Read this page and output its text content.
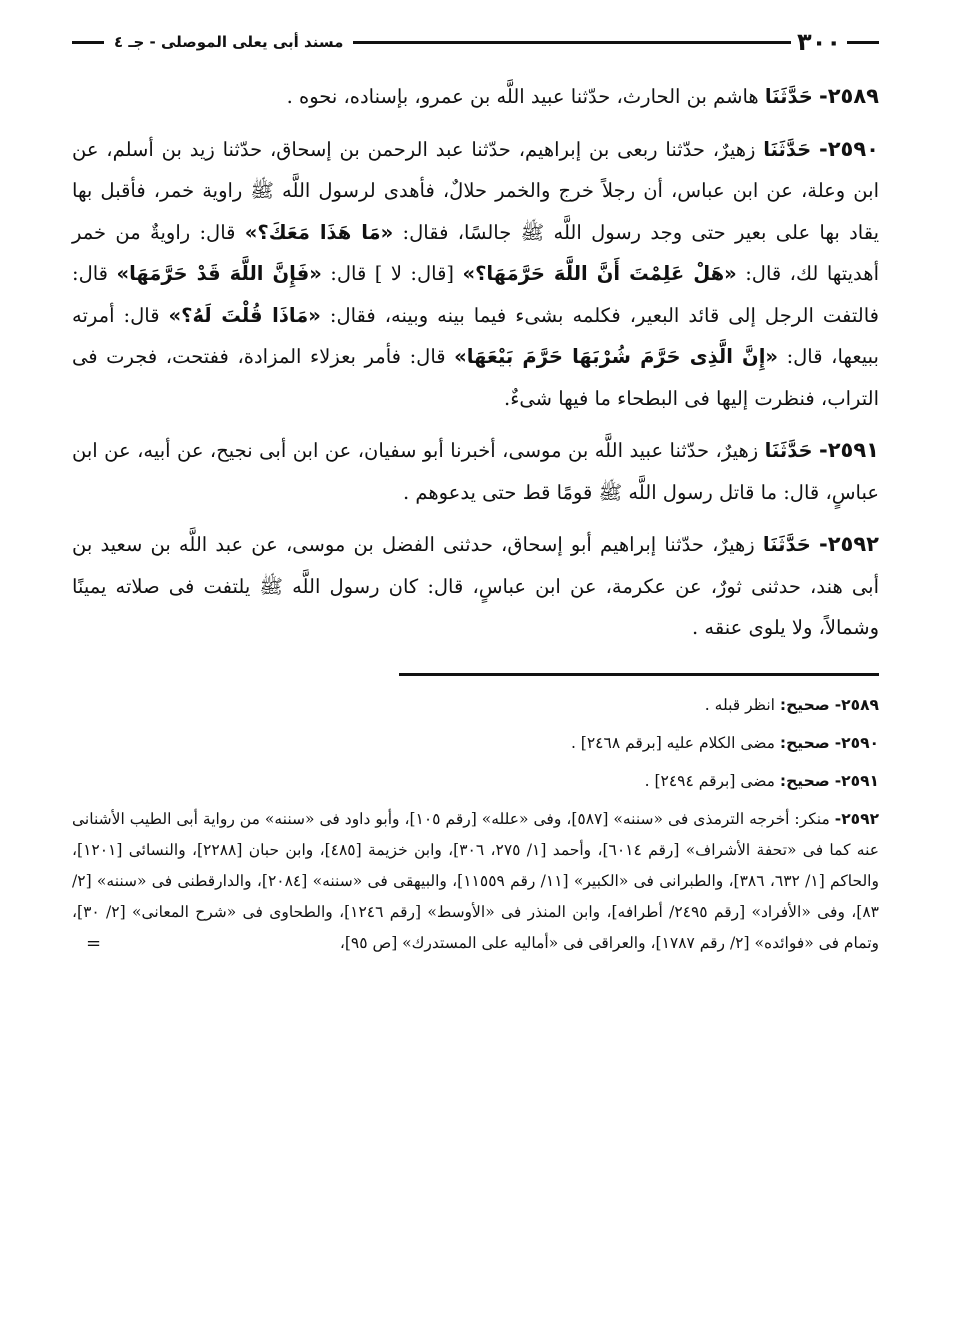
٣٠٠
مسند أبى يعلى الموصلى - جـ ٤

٢٥٨٩- حَدَّثَنَا هاشم بن الحارث، حدّثنا عبيد اللَّه بن عمرو، بإسناده، نحوه .

٢٥٩٠- حَدَّثَنَا زهيرٌ، حدّثنا ربعى بن إبراهيم، حدّثنا عبد الرحمن بن إسحاق، حدّثنا زيد بن أسلم، عن ابن وعلة، عن ابن عباس، أن رجلاً خرج والخمر حلالٌ، فأهدى لرسول اللَّه ﷺ راوية خمر، فأقبل بها يقاد بها على بعير حتى وجد رسول اللَّه ﷺ جالسًا، فقال: «مَا هَذَا مَعَكَ؟» قال: راويةٌ من خمر أهديتها لك، قال: «هَلْ عَلِمْتَ أَنَّ اللَّهَ حَرَّمَهَا؟» [قال: لا ] قال: «فَإِنَّ اللَّهَ قَدْ حَرَّمَهَا» قال: فالتفت الرجل إلى قائد البعير، فكلمه بشىء فيما بينه وبينه، فقال: «مَاذَا قُلْتَ لَهُ؟» قال: أمرته ببيعها، قال: «إِنَّ الَّذِى حَرَّمَ شُرْبَهَا حَرَّمَ بَيْعَهَا» قال: فأمر بعزلاء المزادة، ففتحت، فجرت فى التراب، فنظرت إليها فى البطحاء ما فيها شىءٌ.

٢٥٩١- حَدَّثَنَا زهيرٌ، حدّثنا عبيد اللَّه بن موسى، أخبرنا أبو سفيان، عن ابن أبى نجيح، عن أبيه، عن ابن عباسٍ، قال: ما قاتل رسول اللَّه ﷺ قومًا قط حتى يدعوهم .

٢٥٩٢- حَدَّثَنَا زهيرٌ، حدّثنا إبراهيم أبو إسحاق، حدثنى الفضل بن موسى، عن عبد اللَّه بن سعيد بن أبى هند، حدثنى ثورٌ، عن عكرمة، عن ابن عباسٍ، قال: كان رسول اللَّه ﷺ يلتفت فى صلاته يمينًا وشمالاً، ولا يلوى عنقه .

٢٥٨٩- صحيح: انظر قبله .

٢٥٩٠- صحيح: مضى الكلام عليه [برقم ٢٤٦٨] .

٢٥٩١- صحيح: مضى [برقم ٢٤٩٤] .

٢٥٩٢- منكر: أخرجه الترمذى فى «سننه» [٥٨٧]، وفى «علله» [رقم ١٠٥]، وأبو داود فى «سننه» من رواية أبى الطيب الأشنانى عنه كما فى «تحفة الأشراف» [رقم ٦٠١٤]، وأحمد [١/ ٢٧٥، ٣٠٦]، وابن خزيمة [٤٨٥]، وابن حبان [٢٢٨٨]، والنسائى [١٢٠١]، والحاكم [١/ ٦٣٢، ٣٨٦]، والطبرانى فى «الكبير» [١١/ رقم ١١٥٥٩]، والبيهقى فى «سننه» [٢٠٨٤]، والدارقطنى فى «سننه» [٢/ ٨٣]، وفى «الأفراد» [رقم ٢٤٩٥/ أطرافه]، وابن المنذر فى «الأوسط» [رقم ١٢٤٦]، والطحاوى فى «شرح المعانى» [٢/ ٣٠]، وتمام فى «فوائده» [٢/ رقم ١٧٨٧]، والعراقى فى «أماليه على المستدرك» [ص ٩٥]،
=
